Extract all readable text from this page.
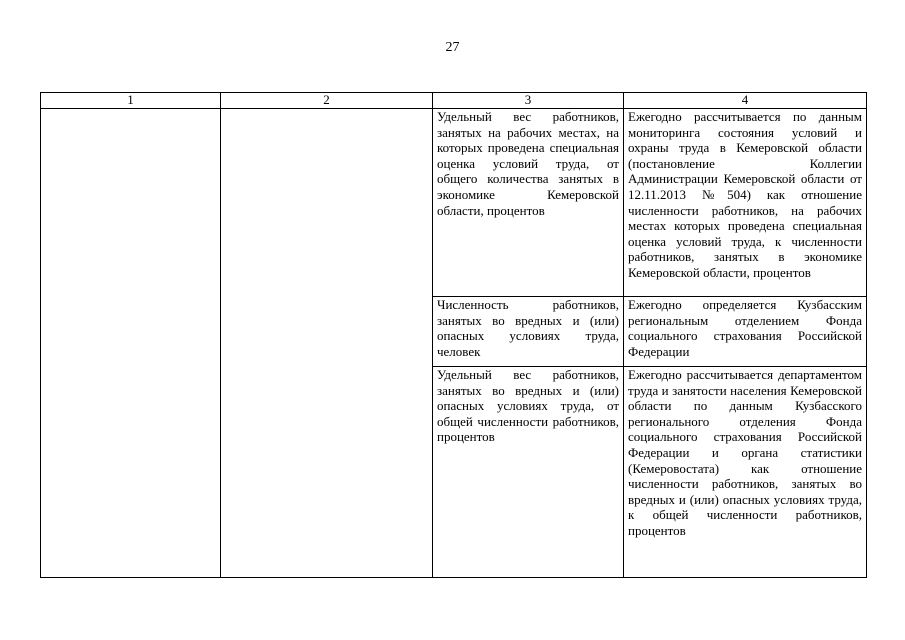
27
1	2	3	4
		Удельный вес работников, занятых на рабочих местах, на которых проведена специальная оценка условий труда, от общего количества занятых в экономике Кемеровской области, процентов	Ежегодно рассчитывается по данным мониторинга состояния условий и охраны труда в Кемеровской области (постановление Коллегии Администрации Кемеровской области от 12.11.2013 №504) как отношение численности работников, на рабочих местах которых проведена специальная оценка условий труда, к численности работников, занятых в экономике Кемеровской области, процентов
		Численность работников, занятых во вредных и (или) опасных условиях труда, человек	Ежегодно определяется Кузбасским региональным отделением Фонда социального страхования Российской Федерации
		Удельный вес работников, занятых во вредных и (или) опасных условиях труда, от общей численности работников, процентов	Ежегодно рассчитывается департаментом труда и занятости населения Кемеровской области по данным Кузбасского регионального отделения Фонда социального страхования Российской Федерации и органа статистики (Кемеровостата) как отношение численности работников, занятых во вредных и (или) опасных условиях труда, к общей численности работников, процентов
